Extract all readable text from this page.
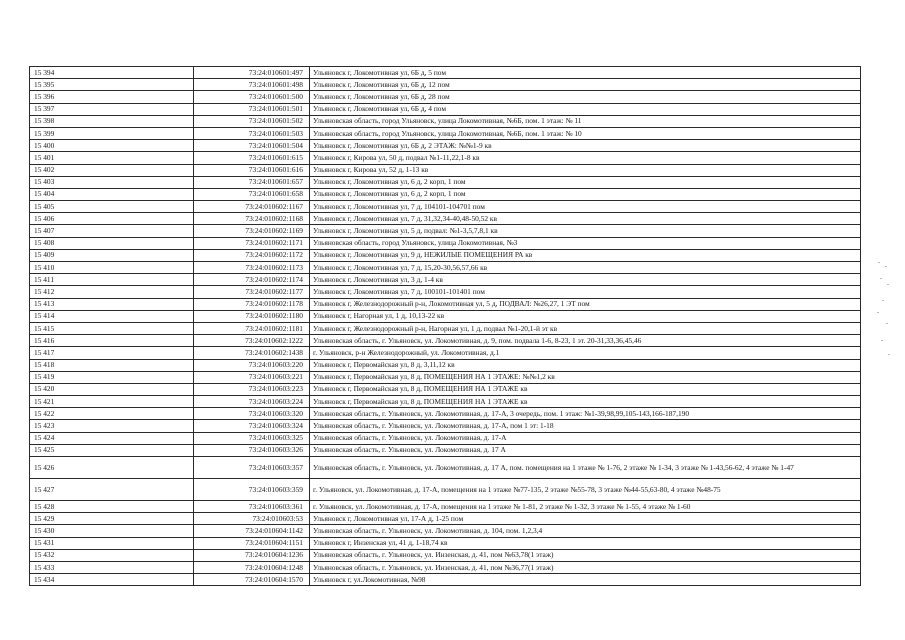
15 394	73:24:010601:497	Ульяновск г, Локомотивная ул, 6Б д, 5 пом
15 395	73:24:010601:498	Ульяновск г, Локомотивная ул, 6Б д, 12 пом
15 396	73:24:010601:500	Ульяновск г, Локомотивная ул, 6Б д, 28 пом
15 397	73:24:010601:501	Ульяновск г, Локомотивная ул, 6Б д, 4 пом
15 398	73:24:010601:502	Ульяновская область, город Ульяновск, улица Локомотивная, №6Б, пом. 1 этаж: № 11
15 399	73:24:010601:503	Ульяновская область, город Ульяновск, улица Локомотивная, №6Б, пом. 1 этаж: № 10
15 400	73:24:010601:504	Ульяновск г, Локомотивная ул, 6Б д, 2 ЭТАЖ: №№1-9 кв
15 401	73:24:010601:615	Ульяновск г, Кирова ул, 50 д, подвал №1-11,22,1-8 кв
15 402	73:24:010601:616	Ульяновск г, Кирова ул, 52 д, 1-13 кв
15 403	73:24:010601:657	Ульяновск г, Локомотивная ул, 6 д, 2 корп, 1 пом
15 404	73:24:010601:658	Ульяновск г, Локомотивная ул, 6 д, 2 корп, 1 пом
15 405	73:24:010602:1167	Ульяновск г, Локомотивная ул, 7 д, 104101-104701 пом
15 406	73:24:010602:1168	Ульяновск г, Локомотивная ул, 7 д, 31,32,34-40,48-50,52 кв
15 407	73:24:010602:1169	Ульяновск г, Локомотивная ул, 5 д, подвал: №1-3,5,7,8,1 кв
15 408	73:24:010602:1171	Ульяновская область, город Ульяновск, улица Локомотивная, №3
15 409	73:24:010602:1172	Ульяновск г, Локомотивная ул, 9 д, НЕЖИЛЫЕ ПОМЕЩЕНИЯ РА кв
15 410	73:24:010602:1173	Ульяновск г, Локомотивная ул, 7 д, 15,20-30,56,57,66 кв
15 411	73:24:010602:1174	Ульяновск г, Локомотивная ул, 3 д, 1-4 кв
15 412	73:24:010602:1177	Ульяновск г, Локомотивная ул, 7 д, 100101-101401 пом
15 413	73:24:010602:1178	Ульяновск г, Железнодорожный р-н, Локомотивная ул, 5 д, ПОДВАЛ: №26,27, 1 ЭТ пом
15 414	73:24:010602:1180	Ульяновск г, Нагорная ул, 1 д, 10,13-22 кв
15 415	73:24:010602:1181	Ульяновск г, Железнодорожный р-н, Нагорная ул, 1 д, подвал №1-20,1-й эт кв
15 416	73:24:010602:1222	Ульяновская область, г. Ульяновск, ул. Локомотивная, д. 9, пом. подвала 1-6, 8-23, 1 эт. 20-31,33,36,45,46
15 417	73:24:010602:1438	г. Ульяновск, р-н Железнодорожный, ул. Локомотивная, д.1
15 418	73:24:010603:220	Ульяновск г, Первомайская ул, 8 д, 3,11,12 кв
15 419	73:24:010603:221	Ульяновск г, Первомайская ул, 8 д, ПОМЕЩЕНИЯ НА 1 ЭТАЖЕ: №№1,2 кв
15 420	73:24:010603:223	Ульяновск г, Первомайская ул, 8 д, ПОМЕЩЕНИЯ НА 1 ЭТАЖЕ кв
15 421	73:24:010603:224	Ульяновск г, Первомайская ул, 8 д, ПОМЕЩЕНИЯ НА 1 ЭТАЖЕ кв
15 422	73:24:010603:320	Ульяновская область, г. Ульяновск, ул. Локомотивная, д. 17-А, 3 очередь, пом. 1 этаж: №1-39,98,99,105-143,166-187,190
15 423	73:24:010603:324	Ульяновская область, г. Ульяновск, ул. Локомотивная, д. 17-А, пом 1 эт: 1-18
15 424	73:24:010603:325	Ульяновская область, г. Ульяновск, ул. Локомотивная, д. 17-А
15 425	73:24:010603:326	Ульяновская область, г. Ульяновск, ул. Локомотивная, д. 17 А
15 426	73:24:010603:357	Ульяновская область, г. Ульяновск, ул. Локомотивная, д. 17 А, пом. помещения на 1 этаже № 1-76, 2 этаже № 1-34, 3 этаже № 1-43,56-62, 4 этаже № 1-47
15 427	73:24:010603:359	г. Ульяновск, ул. Локомотивная, д. 17-А, помещения на 1 этаже №77-135, 2 этаже №55-78, 3 этаже №44-55,63-80, 4 этаже №48-75
15 428	73:24:010603:361	г. Ульяновск, ул. Локомотивная, д. 17-А, помещения на 1 этаже № 1-81, 2 этаже № 1-32, 3 этаже № 1-55, 4 этаже № 1-60
15 429	73:24:010603:53	Ульяновск г, Локомотивная ул, 17-А д, 1-25 пом
15 430	73:24:010604:1142	Ульяновская область, г. Ульяновск, ул. Локомотивная, д. 104, пом. 1,2,3,4
15 431	73:24:010604:1151	Ульяновск г, Инзенская ул, 41 д, 1-18,74 кв
15 432	73:24:010604:1236	Ульяновская область, г. Ульяновск, ул. Инзенская, д. 41, пом №63,78(1 этаж)
15 433	73:24:010604:1248	Ульяновская область, г. Ульяновск, ул. Инзенская, д. 41, пом №36,77(1 этаж)
15 434	73:24:010604:1570	Ульяновск г, ул.Локомотивная, №98
